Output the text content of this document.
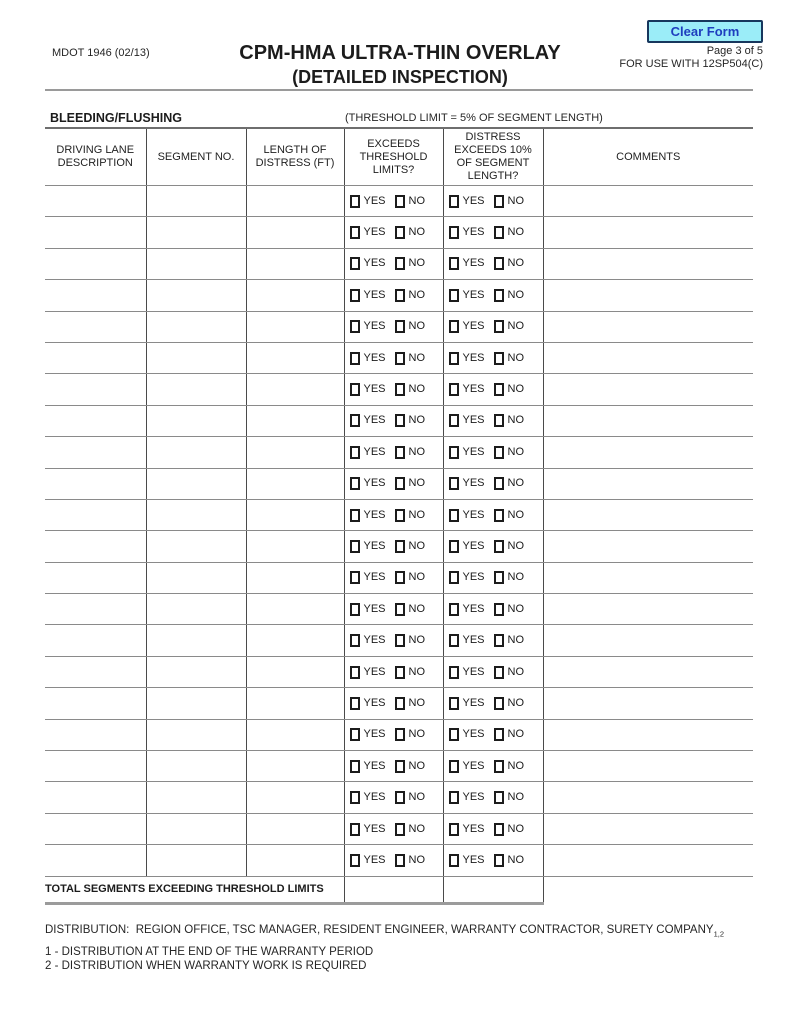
Clear Form
MDOT 1946 (02/13)	CPM-HMA ULTRA-THIN OVERLAY
(DETAILED INSPECTION)
Page 3 of 5
FOR USE WITH 12SP504(C)
BLEEDING/FLUSHING	(THRESHOLD LIMIT = 5% OF SEGMENT LENGTH)
DRIVING LANE DESCRIPTION	SEGMENT NO.	LENGTH OF DISTRESS (FT)	EXCEEDS THRESHOLD LIMITS?	DISTRESS EXCEEDS 10% OF SEGMENT LENGTH?	COMMENTS

			YES NO	YES NO	

			YES NO	YES NO	

			YES NO	YES NO	

			YES NO	YES NO	

			YES NO	YES NO	

			YES NO	YES NO	

			YES NO	YES NO	

			YES NO	YES NO	

			YES NO	YES NO	

			YES NO	YES NO	

			YES NO	YES NO	

			YES NO	YES NO	

			YES NO	YES NO	

			YES NO	YES NO	

			YES NO	YES NO	

			YES NO	YES NO	

			YES NO	YES NO	

			YES NO	YES NO	

			YES NO	YES NO	

			YES NO	YES NO	

			YES NO	YES NO	

			YES NO	YES NO	

TOTAL SEGMENTS EXCEEDING THRESHOLD LIMITS					
DISTRIBUTION:  REGION OFFICE, TSC MANAGER, RESIDENT ENGINEER, WARRANTY CONTRACTOR, SURETY $COMPANY_{1,2}$
1 - DISTRIBUTION AT THE END OF THE WARRANTY PERIOD
2 - DISTRIBUTION WHEN WARRANTY WORK IS REQUIRED
